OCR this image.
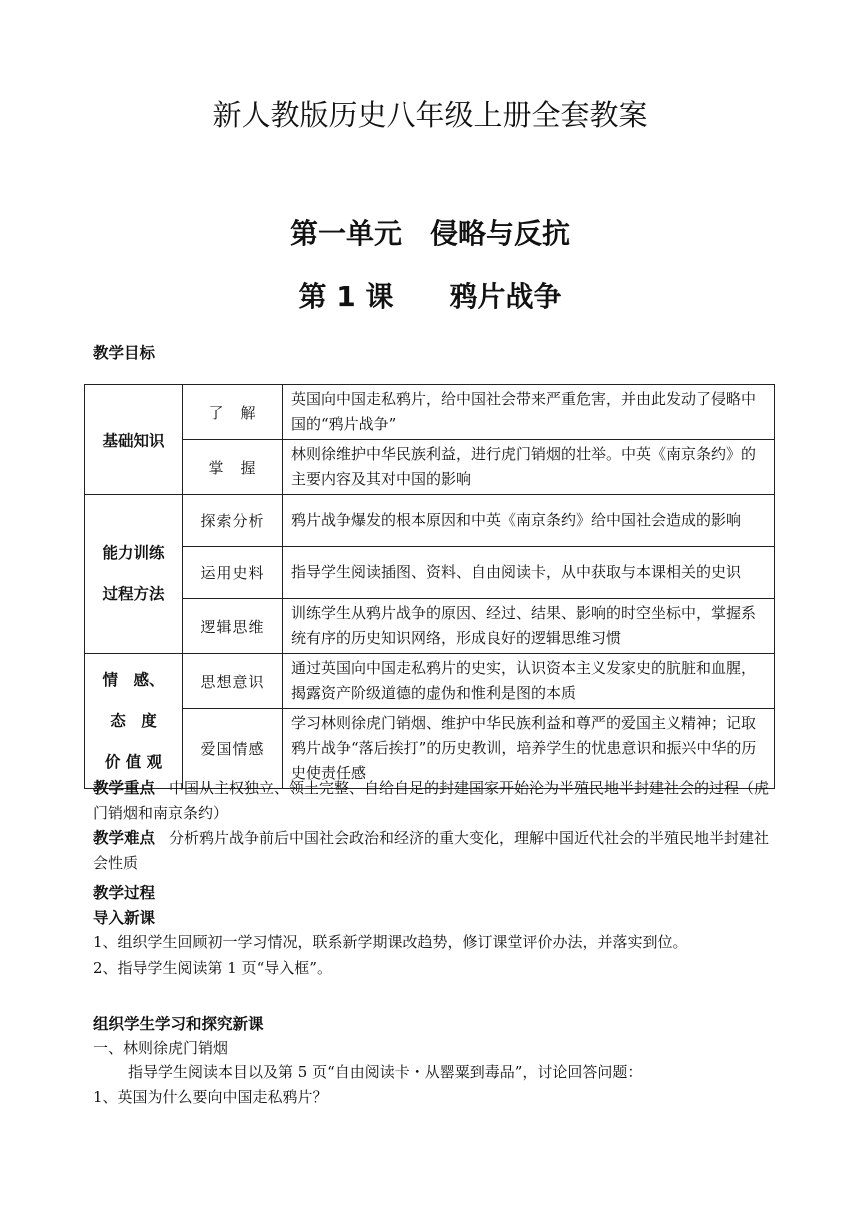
新人教版历史八年级上册全套教案
第一单元　侵略与反抗
第 1 课 鸦片战争
教学目标
基础知识	了　解	英国向中国走私鸦片，给中国社会带来严重危害，并由此发动了侵略中国的“鸦片战争”
	掌　握	林则徐维护中华民族利益，进行虎门销烟的壮举。中英《南京条约》的主要内容及其对中国的影响

能力训练
过程方法	探索分析	鸦片战争爆发的根本原因和中英《南京条约》给中国社会造成的影响
	运用史料	指导学生阅读插图、资料、自由阅读卡，从中获取与本课相关的史识
	逻辑思维	训练学生从鸦片战争的原因、经过、结果、影响的时空坐标中，掌握系统有序的历史知识网络，形成良好的逻辑思维习惯

情　感、
态　度
价 值 观	思想意识	通过英国向中国走私鸦片的史实，认识资本主义发家史的肮脏和血腥，揭露资产阶级道德的虚伪和惟利是图的本质
	爱国情感	学习林则徐虎门销烟、维护中华民族利益和尊严的爱国主义精神；记取鸦片战争“落后挨打”的历史教训，培养学生的忧患意识和振兴中华的历史使责任感
教学重点 中国从主权独立、领土完整、自给自足的封建国家开始沦为半殖民地半封建社会的过程（虎门销烟和南京条约）
教学难点 分析鸦片战争前后中国社会政治和经济的重大变化，理解中国近代社会的半殖民地半封建社会性质
教学过程
导入新课
1、组织学生回顾初一学习情况，联系新学期课改趋势，修订课堂评价办法，并落实到位。
2、指导学生阅读第 1 页“导入框”。
组织学生学习和探究新课
一、林则徐虎门销烟
指导学生阅读本目以及第 5 页“自由阅读卡・从罂粟到毒品”，讨论回答问题：
1、英国为什么要向中国走私鸦片？
